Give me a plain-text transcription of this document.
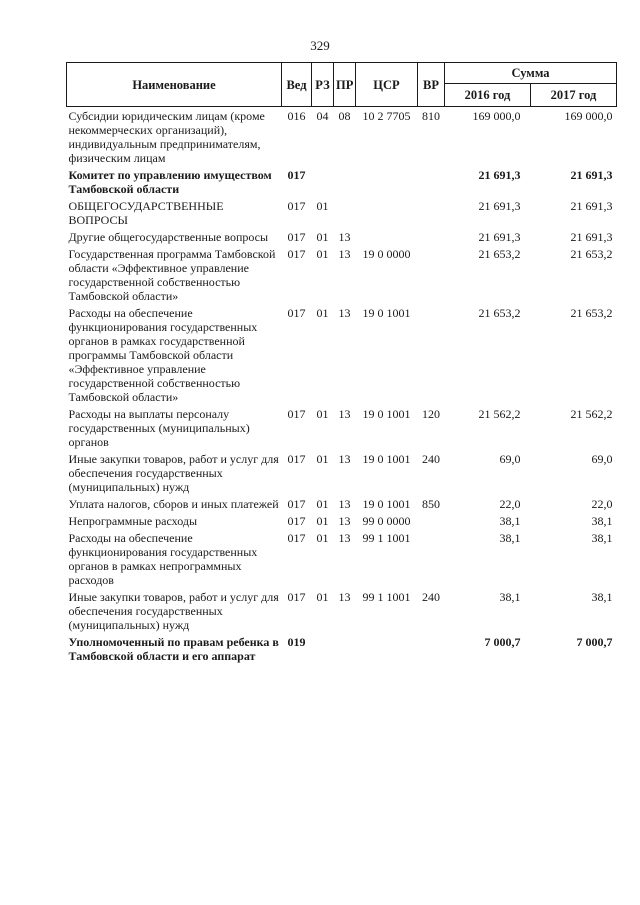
329
Наименование	Вед	РЗ	ПР	ЦСР	ВР	Сумма	
						2016 год	2017 год
Субсидии юридическим лицам (кроме некоммерческих организаций), индивидуальным предпринимателям, физическим лицам	016	04	08	10 2 7705	810	169 000,0	169 000,0
Комитет по управлению имуществом Тамбовской области	017					21 691,3	21 691,3
ОБЩЕГОСУДАРСТВЕННЫЕ ВОПРОСЫ	017	01				21 691,3	21 691,3
Другие общегосударственные вопросы	017	01	13			21 691,3	21 691,3
Государственная программа Тамбовской области «Эффективное управление государственной собственностью Тамбовской области»	017	01	13	19 0 0000		21 653,2	21 653,2
Расходы на обеспечение функционирования государственных органов в рамках государственной программы Тамбовской области «Эффективное управление государственной собственностью Тамбовской области»	017	01	13	19 0 1001		21 653,2	21 653,2
Расходы на выплаты персоналу государственных (муниципальных) органов	017	01	13	19 0 1001	120	21 562,2	21 562,2
Иные закупки товаров, работ и услуг для обеспечения государственных (муниципальных) нужд	017	01	13	19 0 1001	240	69,0	69,0
Уплата налогов, сборов и иных платежей	017	01	13	19 0 1001	850	22,0	22,0
Непрограммные расходы	017	01	13	99 0 0000		38,1	38,1
Расходы на обеспечение функционирования государственных органов в рамках непрограммных расходов	017	01	13	99 1 1001		38,1	38,1
Иные закупки товаров, работ и услуг для обеспечения государственных (муниципальных) нужд	017	01	13	99 1 1001	240	38,1	38,1
Уполномоченный по правам ребенка в Тамбовской области и его аппарат	019					7 000,7	7 000,7
